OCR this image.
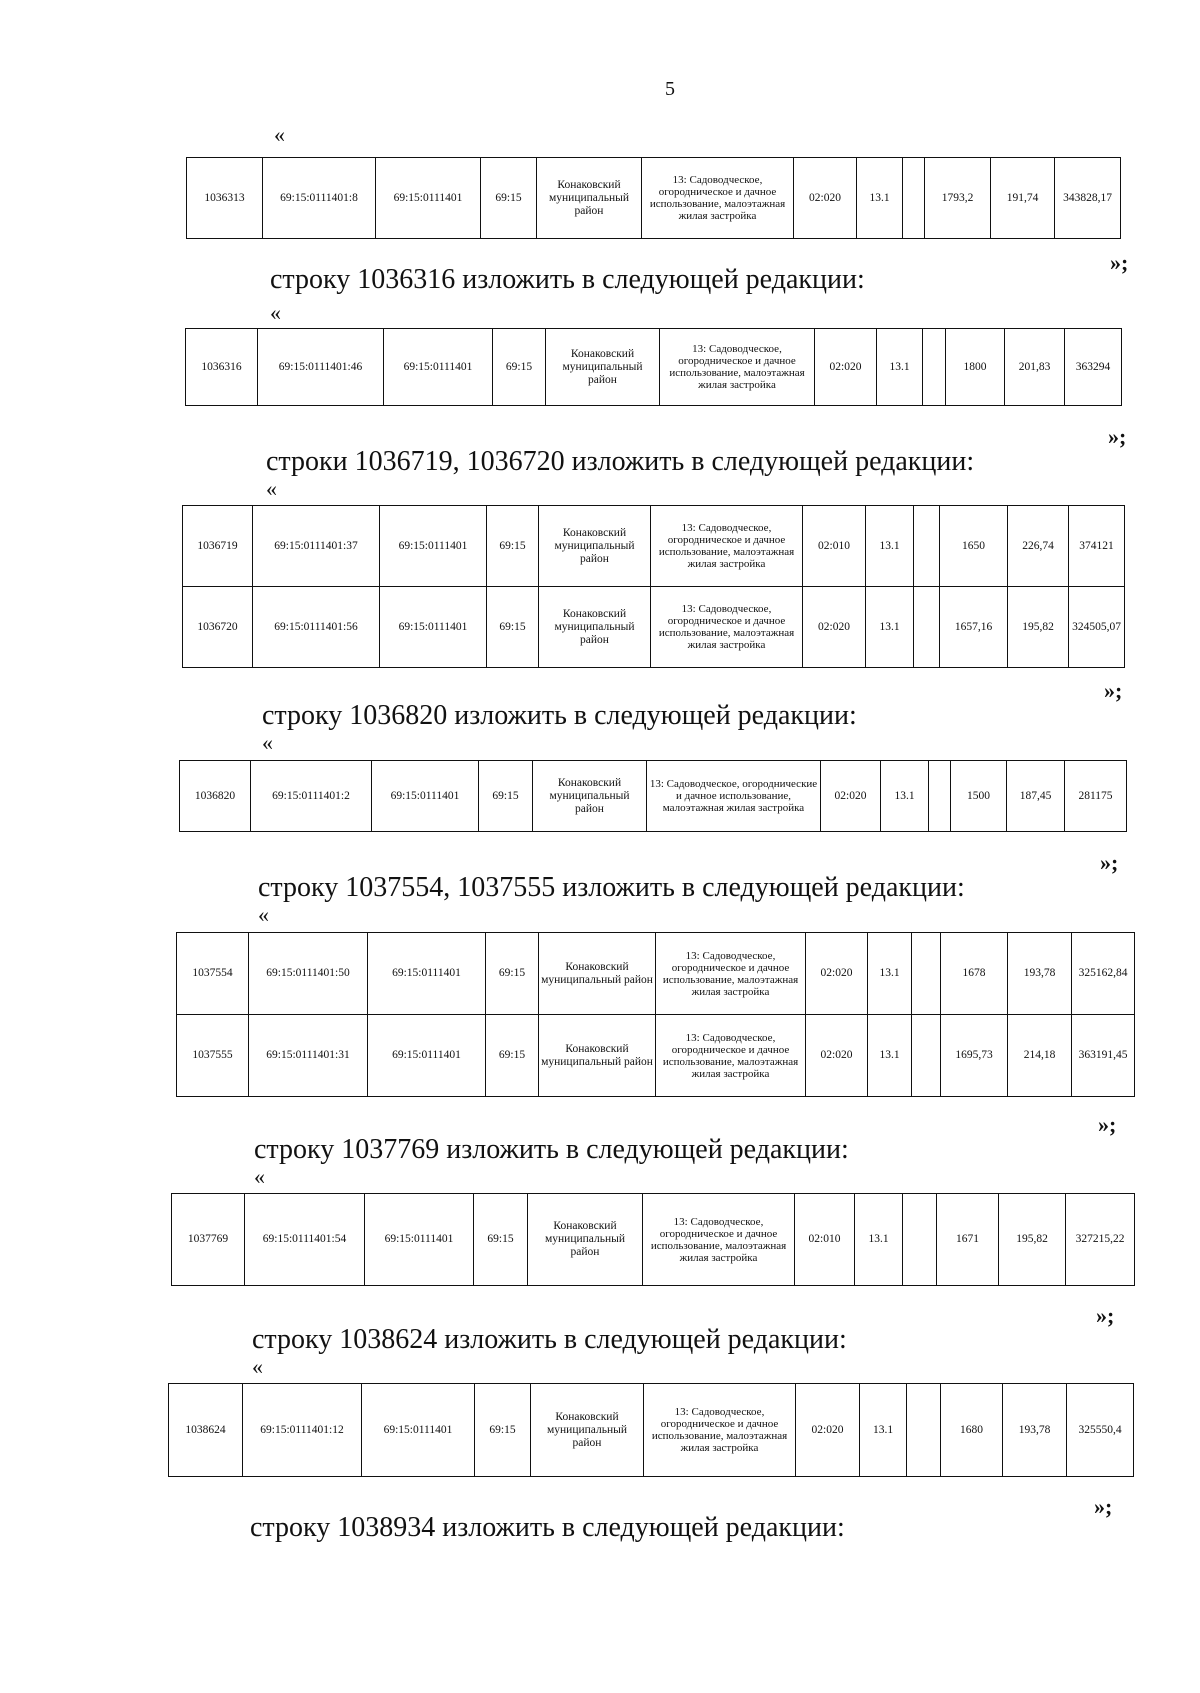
5
«
1036313	69:15:0111401:8	69:15:0111401	69:15	Конаковский муниципальный район	13: Садоводческое, огородническое и дачное использование, малоэтажная жилая застройка	02:020	13.1		1793,2	191,74	343828,17
»;
строку 1036316 изложить в следующей редакции:
«
1036316	69:15:0111401:46	69:15:0111401	69:15	Конаковский муниципальный район	13: Садоводческое, огородническое и дачное использование, малоэтажная жилая застройка	02:020	13.1		1800	201,83	363294
»;
строки 1036719, 1036720 изложить в следующей редакции:
«
1036719	69:15:0111401:37	69:15:0111401	69:15	Конаковский муниципальный район	13: Садоводческое, огородническое и дачное использование, малоэтажная жилая застройка	02:010	13.1		1650	226,74	374121
1036720	69:15:0111401:56	69:15:0111401	69:15	Конаковский муниципальный район	13: Садоводческое, огородническое и дачное использование, малоэтажная жилая застройка	02:020	13.1		1657,16	195,82	324505,07
»;
строку 1036820 изложить в следующей редакции:
«
1036820	69:15:0111401:2	69:15:0111401	69:15	Конаковский муниципальный район	13: Садоводческое, огороднические и дачное использование, малоэтажная жилая застройка	02:020	13.1		1500	187,45	281175
»;
строку 1037554, 1037555 изложить в следующей редакции:
«
1037554	69:15:0111401:50	69:15:0111401	69:15	Конаковский муниципальный район	13: Садоводческое, огородническое и дачное использование, малоэтажная жилая застройка	02:020	13.1		1678	193,78	325162,84
1037555	69:15:0111401:31	69:15:0111401	69:15	Конаковский муниципальный район	13: Садоводческое, огородническое и дачное использование, малоэтажная жилая застройка	02:020	13.1		1695,73	214,18	363191,45
»;
строку 1037769 изложить в следующей редакции:
«
1037769	69:15:0111401:54	69:15:0111401	69:15	Конаковский муниципальный район	13: Садоводческое, огородническое и дачное использование, малоэтажная жилая застройка	02:010	13.1		1671	195,82	327215,22
»;
строку 1038624 изложить в следующей редакции:
«
1038624	69:15:0111401:12	69:15:0111401	69:15	Конаковский муниципальный район	13: Садоводческое, огородническое и дачное использование, малоэтажная жилая застройка	02:020	13.1		1680	193,78	325550,4
»;
строку 1038934 изложить в следующей редакции:
